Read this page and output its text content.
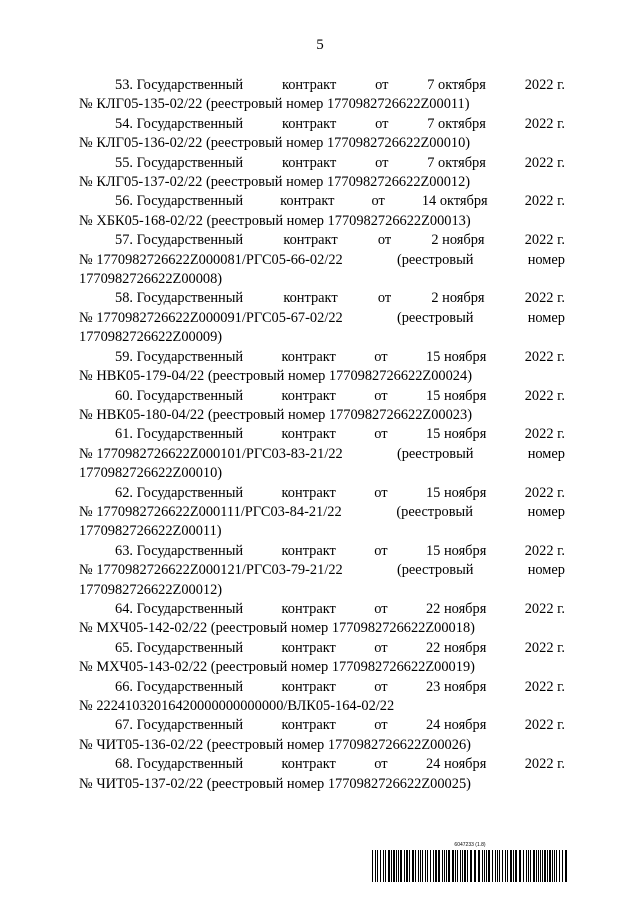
5
53. Государственный	контракт	от	7 октября	2022 г.
№ КЛГ05-135-02/22 (реестровый номер 1770982726622Z00011)
54. Государственный	контракт	от	7 октября	2022 г.
№ КЛГ05-136-02/22 (реестровый номер 1770982726622Z00010)
55. Государственный	контракт	от	7 октября	2022 г.
№ КЛГ05-137-02/22 (реестровый номер 1770982726622Z00012)
56. Государственный	контракт	от	14 октября	2022 г.
№ ХБК05-168-02/22 (реестровый номер 1770982726622Z00013)
57. Государственный	контракт	от	2 ноября	2022 г.
№ 1770982726622Z000081/РГС05-66-02/22	(реестровый	номер
1770982726622Z00008)
58. Государственный	контракт	от	2 ноября	2022 г.
№ 1770982726622Z000091/РГС05-67-02/22	(реестровый	номер
1770982726622Z00009)
59. Государственный	контракт	от	15 ноября	2022 г.
№ НВК05-179-04/22 (реестровый номер 1770982726622Z00024)
60. Государственный	контракт	от	15 ноября	2022 г.
№ НВК05-180-04/22 (реестровый номер 1770982726622Z00023)
61. Государственный	контракт	от	15 ноября	2022 г.
№ 1770982726622Z000101/РГС03-83-21/22	(реестровый	номер
1770982726622Z00010)
62. Государственный	контракт	от	15 ноября	2022 г.
№ 1770982726622Z000111/РГС03-84-21/22	(реестровый	номер
1770982726622Z00011)
63. Государственный	контракт	от	15 ноября	2022 г.
№ 1770982726622Z000121/РГС03-79-21/22	(реестровый	номер
1770982726622Z00012)
64. Государственный	контракт	от	22 ноября	2022 г.
№ МХЧ05-142-02/22 (реестровый номер 1770982726622Z00018)
65. Государственный	контракт	от	22 ноября	2022 г.
№ МХЧ05-143-02/22 (реестровый номер 1770982726622Z00019)
66. Государственный	контракт	от	23 ноября	2022 г.
№ 22241032016420000000000000/ВЛК05-164-02/22
67. Государственный	контракт	от	24 ноября	2022 г.
№ ЧИТ05-136-02/22 (реестровый номер 1770982726622Z00026)
68. Государственный	контракт	от	24 ноября	2022 г.
№ ЧИТ05-137-02/22 (реестровый номер 1770982726622Z00025)
6047233 (1.8)
